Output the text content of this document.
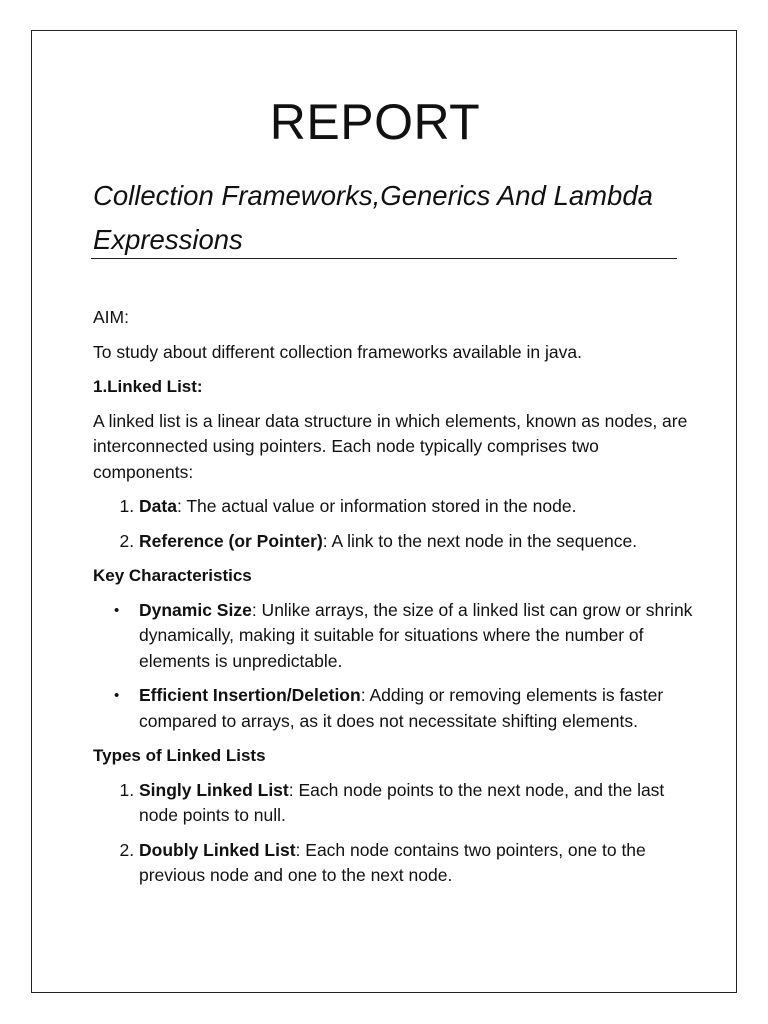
REPORT
Collection Frameworks,Generics And Lambda Expressions

AIM:

To study about different collection frameworks available in java.

1.Linked List:

A linked list is a linear data structure in which elements, known as nodes, are interconnected using pointers. Each node typically comprises two components:

1. Data: The actual value or information stored in the node.
2. Reference (or Pointer): A link to the next node in the sequence.

Key Characteristics

• Dynamic Size: Unlike arrays, the size of a linked list can grow or shrink dynamically, making it suitable for situations where the number of elements is unpredictable.
• Efficient Insertion/Deletion: Adding or removing elements is faster compared to arrays, as it does not necessitate shifting elements.

Types of Linked Lists

1. Singly Linked List: Each node points to the next node, and the last node points to null.
2. Doubly Linked List: Each node contains two pointers, one to the previous node and one to the next node.
